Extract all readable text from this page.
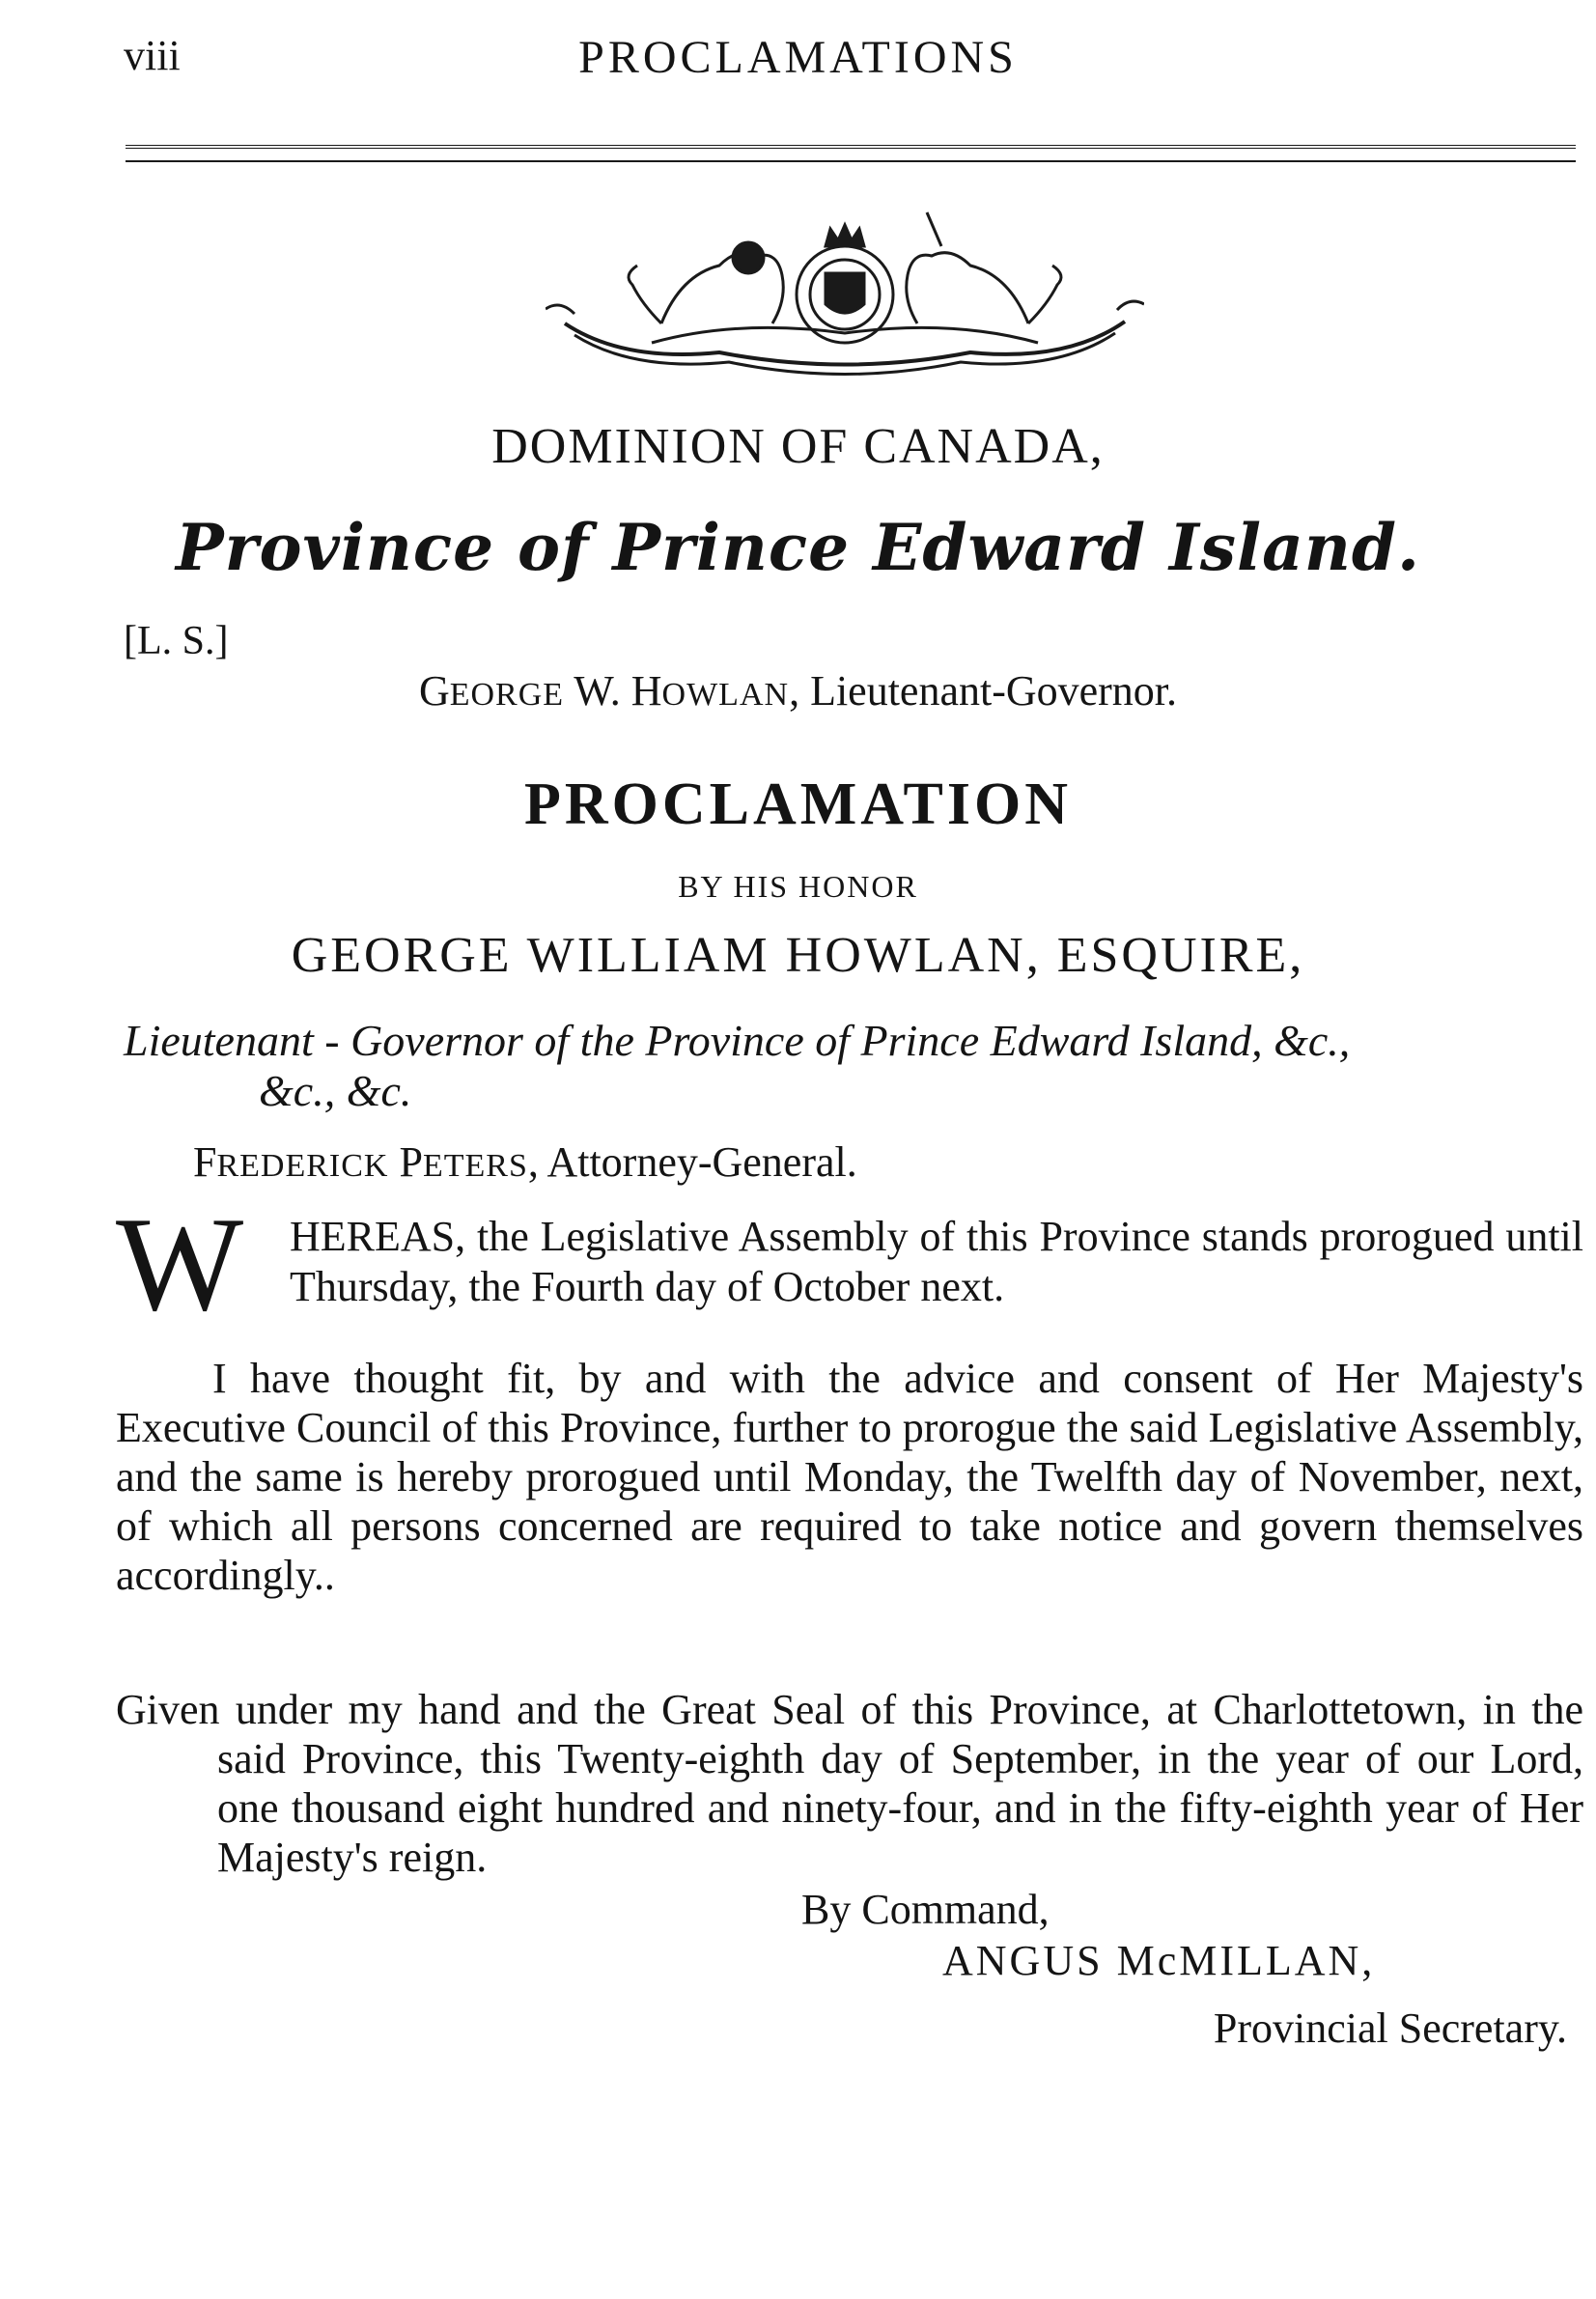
viii	PROCLAMATIONS
DOMINION OF CANADA,
Province of Prince Edward Island.
[L. S.]
GEORGE W. HOWLAN, Lieutenant-Governor.
PROCLAMATION
BY HIS HONOR
GEORGE WILLIAM HOWLAN, ESQUIRE,
Lieutenant - Governor of the Province of Prince Edward Island, &c.,
&c., &c.
FREDERICK PETERS, Attorney-General.
W HEREAS, the Legislative Assembly of this Province stands prorogued until Thursday, the Fourth day of October next.
I have thought fit, by and with the advice and consent of Her Majesty's Executive Council of this Province, further to prorogue the said Legislative Assembly, and the same is hereby prorogued until Monday, the Twelfth day of November, next, of which all persons concerned are required to take notice and govern themselves accordingly..
Given under my hand and the Great Seal of this Province, at Charlottetown, in the said Province, this Twenty-eighth day of September, in the year of our Lord, one thousand eight hundred and ninety-four, and in the fifty-eighth year of Her Majesty's reign.
By Command,
ANGUS McMILLAN,
Provincial Secretary.
